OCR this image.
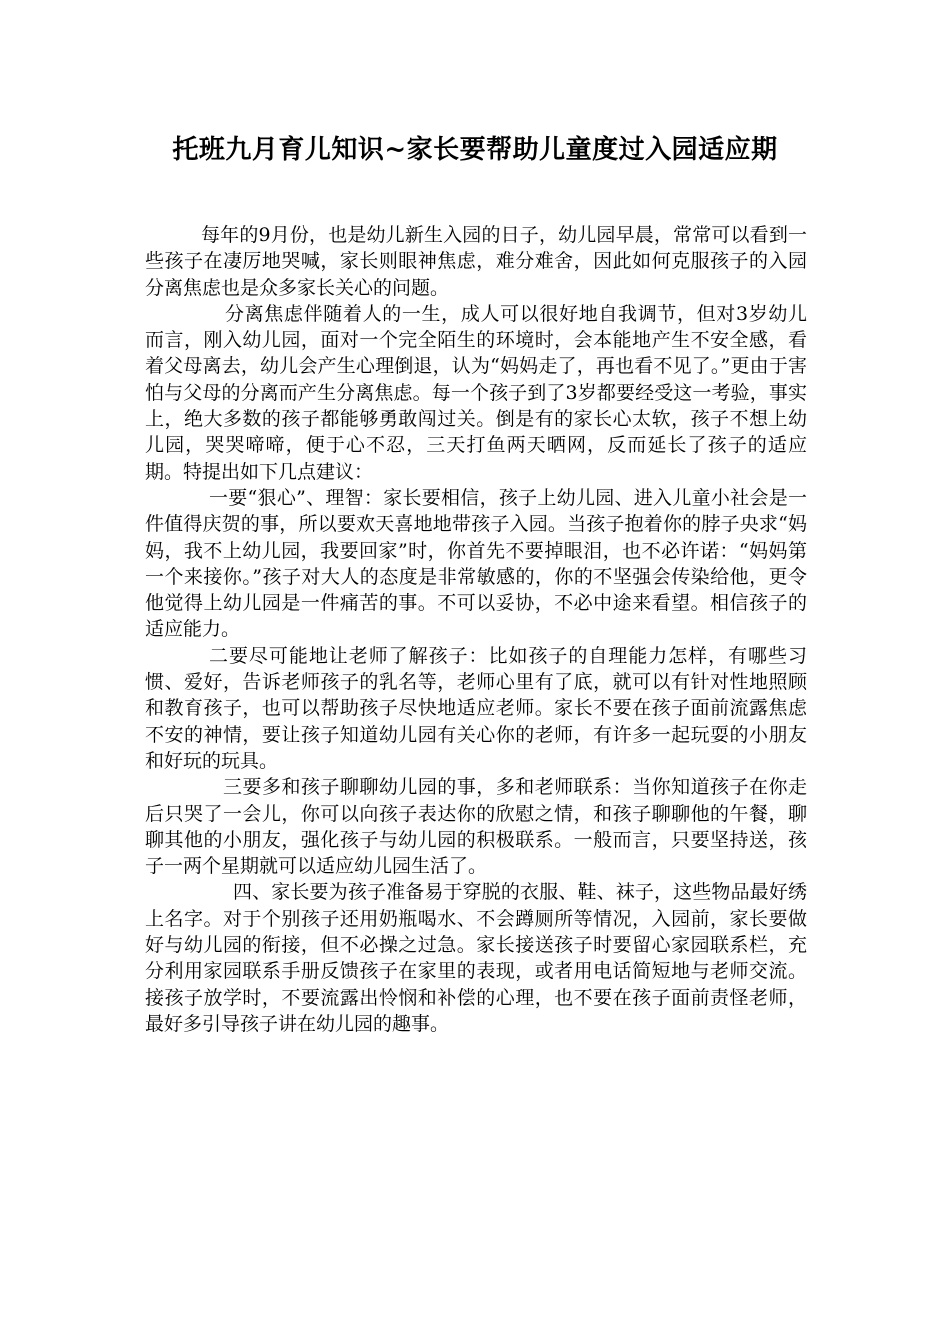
托班九月育儿知识~家长要帮助儿童度过入园适应期

每年的9月份，也是幼儿新生入园的日子，幼儿园早晨，常常可以看到一些孩子在凄厉地哭喊，家长则眼神焦虑，难分难舍，因此如何克服孩子的入园分离焦虑也是众多家长关心的问题。

分离焦虑伴随着人的一生，成人可以很好地自我调节，但对3岁幼儿而言，刚入幼儿园，面对一个完全陌生的环境时，会本能地产生不安全感，看着父母离去，幼儿会产生心理倒退，认为“妈妈走了，再也看不见了。”更由于害怕与父母的分离而产生分离焦虑。每一个孩子到了3岁都要经受这一考验，事实上，绝大多数的孩子都能够勇敢闯过关。倒是有的家长心太软，孩子不想上幼儿园，哭哭啼啼，便于心不忍，三天打鱼两天晒网，反而延长了孩子的适应期。特提出如下几点建议：

一要“狠心”、理智：家长要相信，孩子上幼儿园、进入儿童小社会是一件值得庆贺的事，所以要欢天喜地地带孩子入园。当孩子抱着你的脖子央求“妈妈，我不上幼儿园，我要回家”时，你首先不要掉眼泪，也不必许诺：“妈妈第一个来接你。”孩子对大人的态度是非常敏感的，你的不坚强会传染给他，更令他觉得上幼儿园是一件痛苦的事。不可以妥协，不必中途来看望。相信孩子的适应能力。

二要尽可能地让老师了解孩子：比如孩子的自理能力怎样，有哪些习惯、爱好，告诉老师孩子的乳名等，老师心里有了底，就可以有针对性地照顾和教育孩子，也可以帮助孩子尽快地适应老师。家长不要在孩子面前流露焦虑不安的神情，要让孩子知道幼儿园有关心你的老师，有许多一起玩耍的小朋友和好玩的玩具。

三要多和孩子聊聊幼儿园的事，多和老师联系：当你知道孩子在你走后只哭了一会儿，你可以向孩子表达你的欣慰之情，和孩子聊聊他的午餐，聊聊其他的小朋友，强化孩子与幼儿园的积极联系。一般而言，只要坚持送，孩子一两个星期就可以适应幼儿园生活了。

四、家长要为孩子准备易于穿脱的衣服、鞋、袜子，这些物品最好绣上名字。对于个别孩子还用奶瓶喝水、不会蹲厕所等情况，入园前，家长要做好与幼儿园的衔接，但不必操之过急。家长接送孩子时要留心家园联系栏，充分利用家园联系手册反馈孩子在家里的表现，或者用电话简短地与老师交流。接孩子放学时，不要流露出怜悯和补偿的心理，也不要在孩子面前责怪老师，最好多引导孩子讲在幼儿园的趣事。
